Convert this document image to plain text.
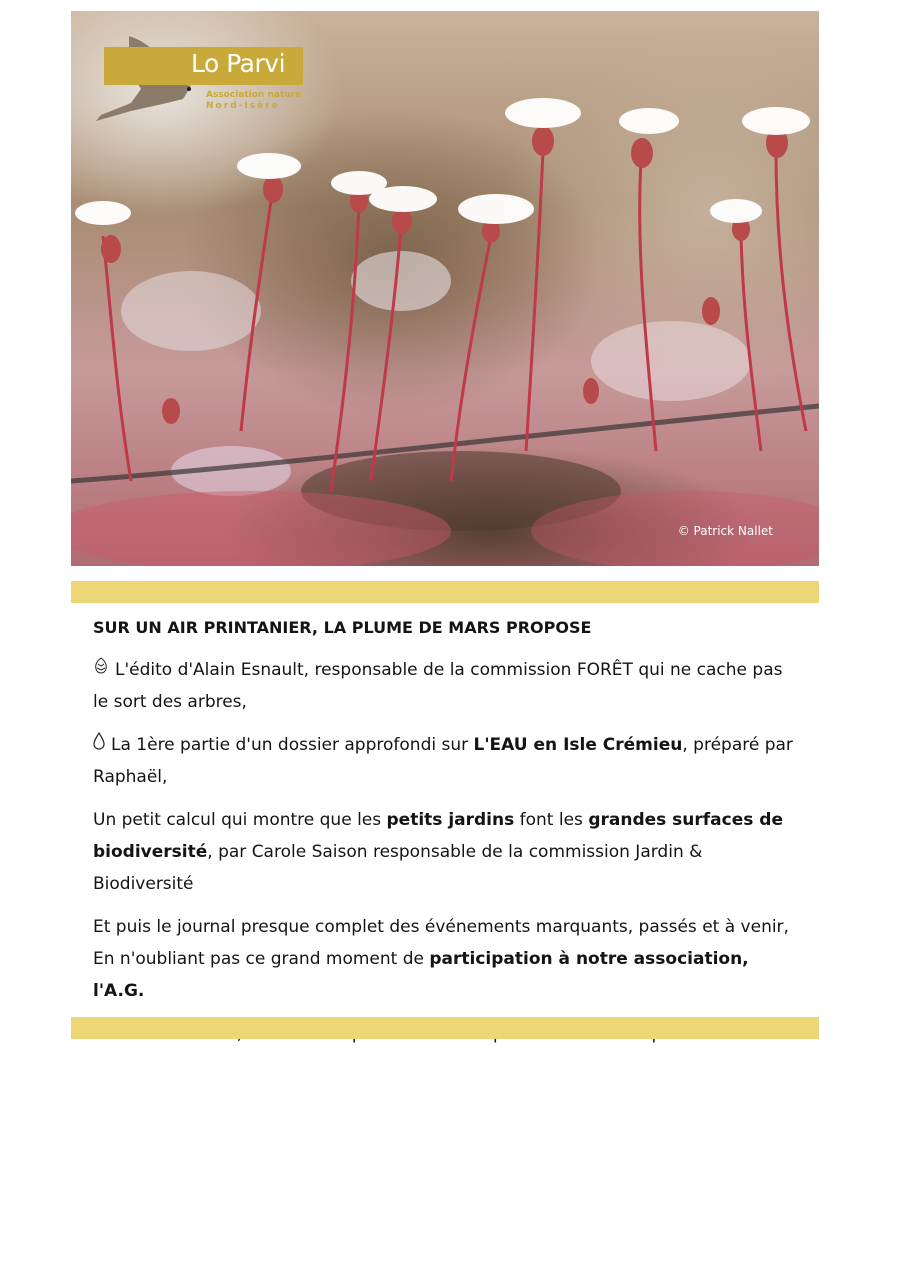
Lo Parvi
Association nature
Nord-Isère
© Patrick Nallet

SUR UN AIR PRINTANIER, LA PLUME DE MARS PROPOSE

L'édito d'Alain Esnault, responsable de la commission FORÊT qui ne cache pas le sort des arbres,

La 1ère partie d'un dossier approfondi sur L'EAU en Isle Crémieu, préparé par Raphaël,

Un petit calcul qui montre que les petits jardins font les grandes surfaces de biodiversité, par Carole Saison responsable de la commission Jardin & Biodiversité

Et puis le journal presque complet des événements marquants, passés et à venir,
En n'oubliant pas ce grand moment de participation à notre association, l'A.G.
